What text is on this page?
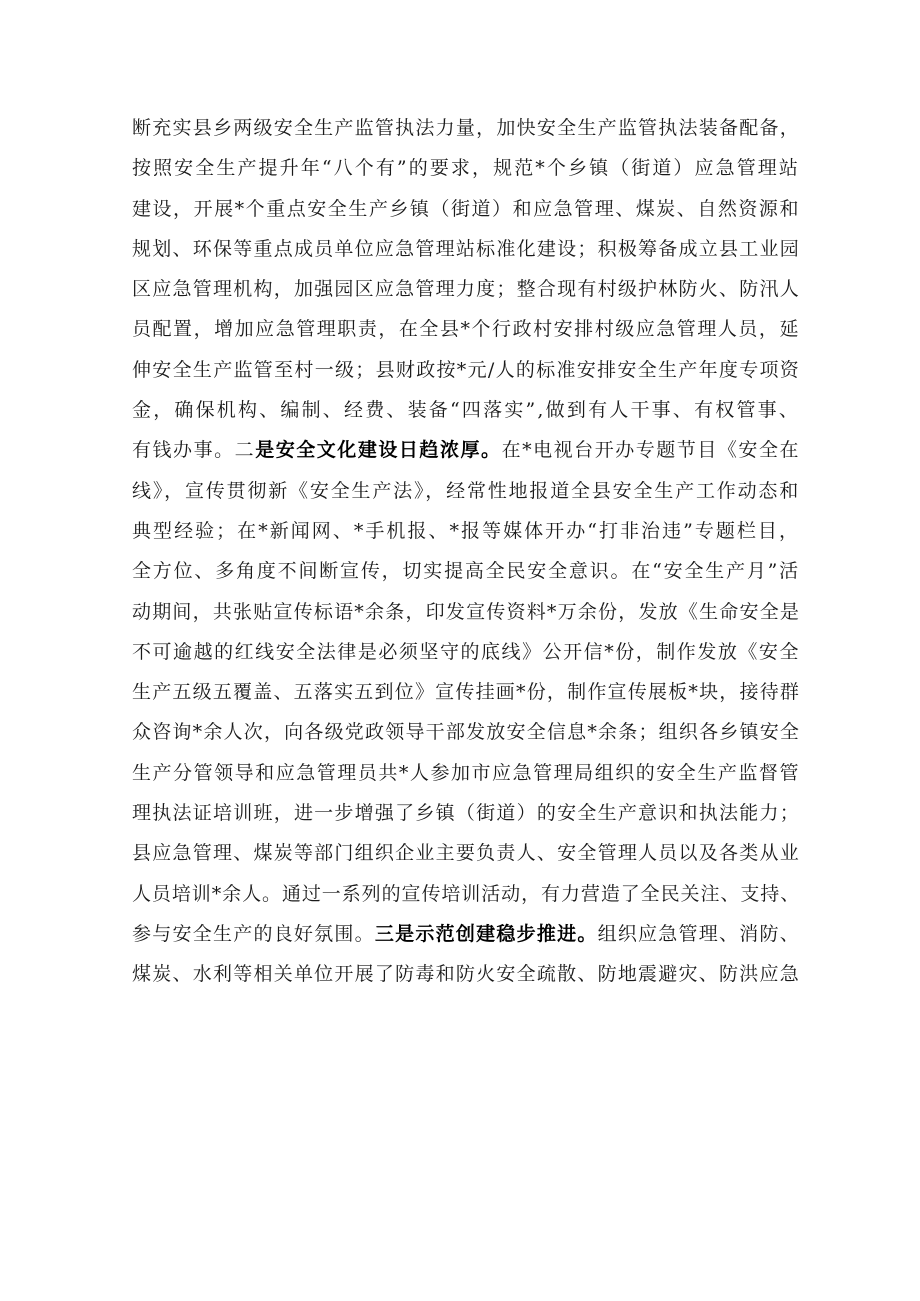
断充实县乡两级安全生产监管执法力量，加快安全生产监管执法装备配备，
按照安全生产提升年“八个有”的要求，规范*个乡镇（街道）应急管理站
建设，开展*个重点安全生产乡镇（街道）和应急管理、煤炭、自然资源和
规划、环保等重点成员单位应急管理站标准化建设；积极筹备成立县工业园
区应急管理机构，加强园区应急管理力度；整合现有村级护林防火、防汛人
员配置，增加应急管理职责，在全县*个行政村安排村级应急管理人员，延
伸安全生产监管至村一级；县财政按*元/人的标准安排安全生产年度专项资
金，确保机构、编制、经费、装备“四落实”,做到有人干事、有权管事、
有钱办事。二是安全文化建设日趋浓厚。在*电视台开办专题节目《安全在
线》，宣传贯彻新《安全生产法》，经常性地报道全县安全生产工作动态和
典型经验；在*新闻网、*手机报、*报等媒体开办“打非治违”专题栏目，
全方位、多角度不间断宣传，切实提高全民安全意识。在“安全生产月”活
动期间，共张贴宣传标语*余条，印发宣传资料*万余份，发放《生命安全是
不可逾越的红线安全法律是必须坚守的底线》公开信*份，制作发放《安全
生产五级五覆盖、五落实五到位》宣传挂画*份，制作宣传展板*块，接待群
众咨询*余人次，向各级党政领导干部发放安全信息*余条；组织各乡镇安全
生产分管领导和应急管理员共*人参加市应急管理局组织的安全生产监督管
理执法证培训班，进一步增强了乡镇（街道）的安全生产意识和执法能力；
县应急管理、煤炭等部门组织企业主要负责人、安全管理人员以及各类从业
人员培训*余人。通过一系列的宣传培训活动，有力营造了全民关注、支持、
参与安全生产的良好氛围。三是示范创建稳步推进。组织应急管理、消防、
煤炭、水利等相关单位开展了防毒和防火安全疏散、防地震避灾、防洪应急
